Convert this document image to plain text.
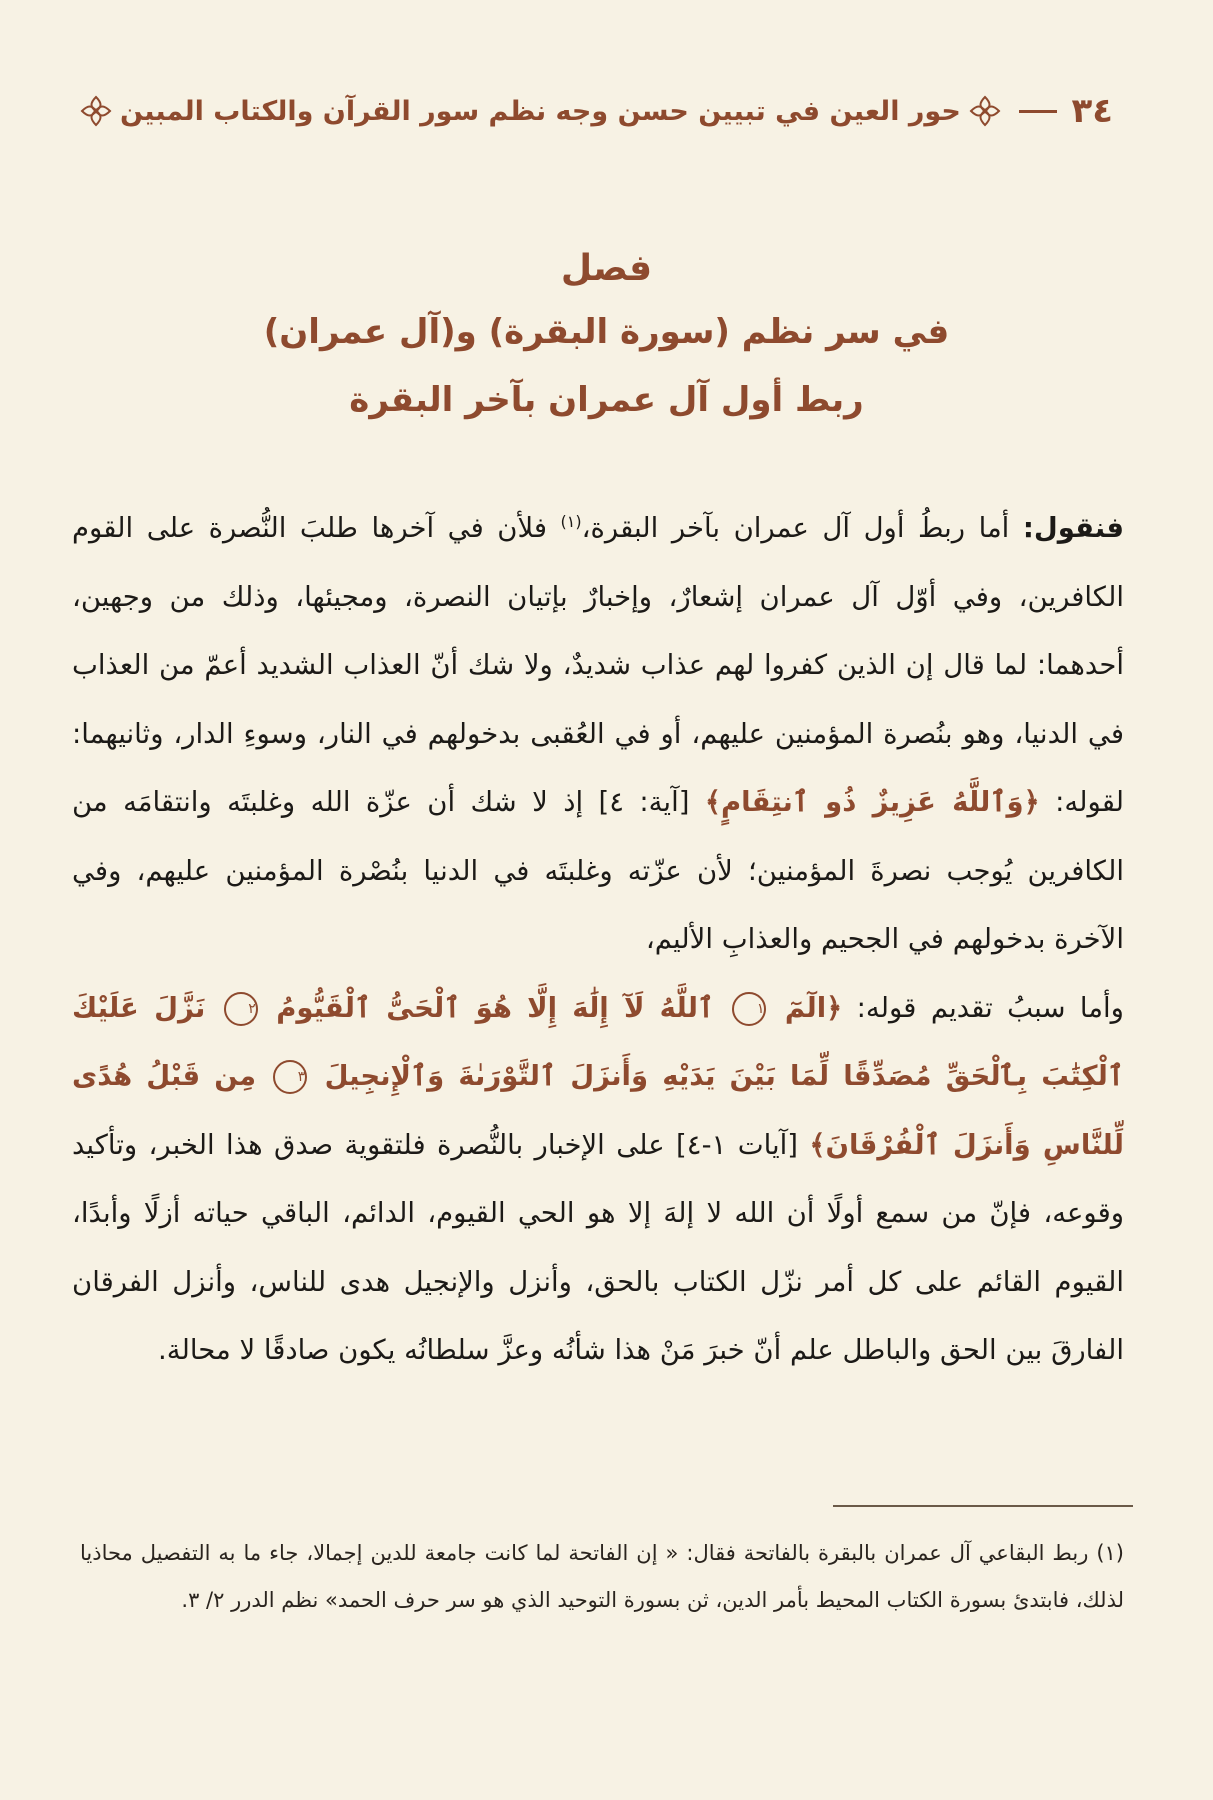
٣٤
حور العين في تبيين حسن وجه نظم سور القرآن والكتاب المبين

فصل

في سر نظم (سورة البقرة) و(آل عمران)

ربط أول آل عمران بآخر البقرة

فنقول: أما ربطُ أول آل عمران بآخر البقرة،$^{(١)}$ فلأن في آخرها طلبَ النُّصرة على القوم الكافرين، وفي أوّل آل عمران إشعارٌ، وإخبارٌ بإتيان النصرة، ومجيئها، وذلك من وجهين، أحدهما: لما قال إن الذين كفروا لهم عذاب شديدٌ، ولا شك أنّ العذاب الشديد أعمّ من العذاب في الدنيا، وهو بنُصرة المؤمنين عليهم، أو في العُقبى بدخولهم في النار، وسوءِ الدار، وثانيهما: لقوله: ﴿وَٱللَّهُ عَزِيزٌ ذُو ٱنتِقَامٍ﴾ [آية: ٤] إذ لا شك أن عزّة الله وغلبتَه وانتقامَه من الكافرين يُوجب نصرةَ المؤمنين؛ لأن عزّته وغلبتَه في الدنيا بنُصْرة المؤمنين عليهم، وفي الآخرة بدخولهم في الجحيم والعذابِ الأليم،

وأما سببُ تقديم قوله: ﴿الٓمٓ ١ ٱللَّهُ لَآ إِلَٰهَ إِلَّا هُوَ ٱلْحَىُّ ٱلْقَيُّومُ ٢ نَزَّلَ عَلَيْكَ ٱلْكِتَٰبَ بِٱلْحَقِّ مُصَدِّقًا لِّمَا بَيْنَ يَدَيْهِ وَأَنزَلَ ٱلتَّوْرَىٰةَ وَٱلْإِنجِيلَ ٣ مِن قَبْلُ هُدًى لِّلنَّاسِ وَأَنزَلَ ٱلْفُرْقَانَ﴾ [آيات ١-٤] على الإخبار بالنُّصرة فلتقوية صدق هذا الخبر، وتأكيد وقوعه، فإنّ من سمع أولًا أن الله لا إلهَ إلا هو الحي القيوم، الدائم، الباقي حياته أزلًا وأبدًا، القيوم القائم على كل أمر نزّل الكتاب بالحق، وأنزل والإنجيل هدى للناس، وأنزل الفرقان الفارقَ بين الحق والباطل علم أنّ خبرَ مَنْ هذا شأنُه وعزَّ سلطانُه يكون صادقًا لا محالة.

(١) ربط البقاعي آل عمران بالبقرة بالفاتحة فقال: « إن الفاتحة لما كانت جامعة للدين إجمالا، جاء ما به التفصيل محاذيا لذلك، فابتدئ بسورة الكتاب المحيط بأمر الدين، ثن بسورة التوحيد الذي هو سر حرف الحمد» نظم الدرر ٢/ ٣.
